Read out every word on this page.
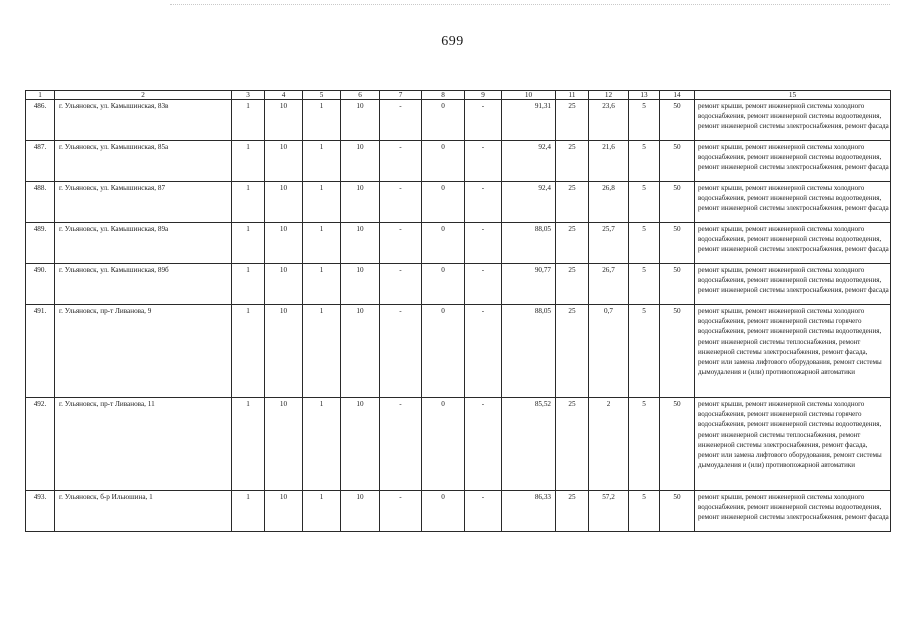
699
1	2	3	4	5	6	7	8	9	10	11	12	13	14	15
486.	г. Ульяновск, ул. Камышинская, 83в	1	10	1	10	-	0	-	91,31	25	23,6	5	50	ремонт крыши, ремонт инженерной системы холодного водоснабжения, ремонт инженерной системы водоотведения, ремонт инженерной системы электроснабжения, ремонт фасада
487.	г. Ульяновск, ул. Камышинская, 85а	1	10	1	10	-	0	-	92,4	25	21,6	5	50	ремонт крыши, ремонт инженерной системы холодного водоснабжения, ремонт инженерной системы водоотведения, ремонт инженерной системы электроснабжения, ремонт фасада
488.	г. Ульяновск, ул. Камышинская, 87	1	10	1	10	-	0	-	92,4	25	26,8	5	50	ремонт крыши, ремонт инженерной системы холодного водоснабжения, ремонт инженерной системы водоотведения, ремонт инженерной системы электроснабжения, ремонт фасада
489.	г. Ульяновск, ул. Камышинская, 89а	1	10	1	10	-	0	-	88,05	25	25,7	5	50	ремонт крыши, ремонт инженерной системы холодного водоснабжения, ремонт инженерной системы водоотведения, ремонт инженерной системы электроснабжения, ремонт фасада
490.	г. Ульяновск, ул. Камышинская, 89б	1	10	1	10	-	0	-	90,77	25	26,7	5	50	ремонт крыши, ремонт инженерной системы холодного водоснабжения, ремонт инженерной системы водоотведения, ремонт инженерной системы электроснабжения, ремонт фасада
491.	г. Ульяновск, пр-т Ливанова, 9	1	10	1	10	-	0	-	88,05	25	0,7	5	50	ремонт крыши, ремонт инженерной системы холодного водоснабжения, ремонт инженерной системы горячего водоснабжения, ремонт инженерной системы водоотведения, ремонт инженерной системы теплоснабжения, ремонт инженерной системы электроснабжения, ремонт фасада, ремонт или замена лифтового оборудования, ремонт системы дымоудаления и (или) противопожарной автоматики
492.	г. Ульяновск, пр-т Ливанова, 11	1	10	1	10	-	0	-	85,52	25	2	5	50	ремонт крыши, ремонт инженерной системы холодного водоснабжения, ремонт инженерной системы горячего водоснабжения, ремонт инженерной системы водоотведения, ремонт инженерной системы теплоснабжения, ремонт инженерной системы электроснабжения, ремонт фасада, ремонт или замена лифтового оборудования, ремонт системы дымоудаления и (или) противопожарной автоматики
493.	г. Ульяновск, б-р Ильюшина, 1	1	10	1	10	-	0	-	86,33	25	57,2	5	50	ремонт крыши, ремонт инженерной системы холодного водоснабжения, ремонт инженерной системы водоотведения, ремонт инженерной системы электроснабжения, ремонт фасада
